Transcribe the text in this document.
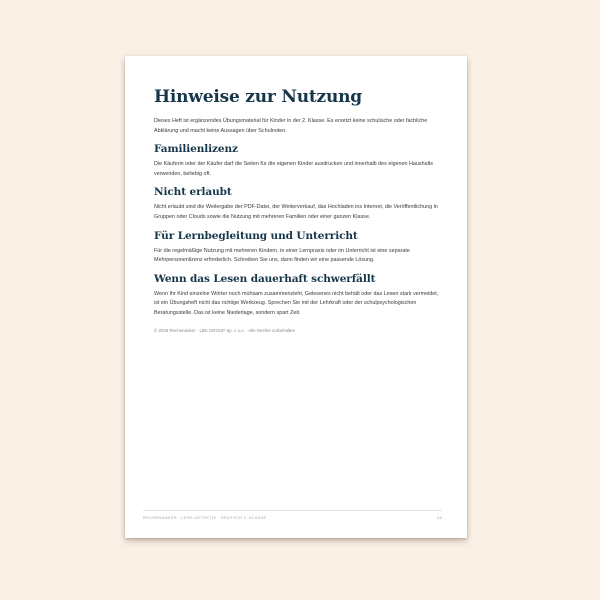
Hinweise zur Nutzung

Dieses Heft ist ergänzendes Übungsmaterial für Kinder in der 2. Klasse. Es ersetzt keine schulische oder fachliche Abklärung und macht keine Aussagen über Schulnoten.

Familienlizenz

Die Käuferin oder der Käufer darf die Seiten für die eigenen Kinder ausdrucken und innerhalb des eigenen Haushalts verwenden, beliebig oft.

Nicht erlaubt

Nicht erlaubt sind die Weitergabe der PDF-Datei, der Weiterverkauf, das Hochladen ins Internet, die Veröffentlichung in Gruppen oder Clouds sowie die Nutzung mit mehreren Familien oder einer ganzen Klasse.

Für Lernbegleitung und Unterricht

Für die regelmäßige Nutzung mit mehreren Kindern, in einer Lernpraxis oder im Unterricht ist eine separate Mehrpersonenlizenz erforderlich. Schreiben Sie uns, dann finden wir eine passende Lösung.

Wenn das Lesen dauerhaft schwerfällt

Wenn Ihr Kind einzelne Wörter noch mühsam zusammenzieht, Gelesenes nicht behält oder das Lesen stark vermeidet, ist ein Übungsheft nicht das richtige Werkzeug. Sprechen Sie mit der Lehrkraft oder der schulpsychologischen Beratungsstelle. Das ist keine Niederlage, sondern spart Zeit.

© 2026 Rechenanker · LBK GROUP Sp. z o.o. · Alle Rechte vorbehalten
RECHENANKER · LESE-DETEKTIV · DEUTSCH 2. KLASSE	28
